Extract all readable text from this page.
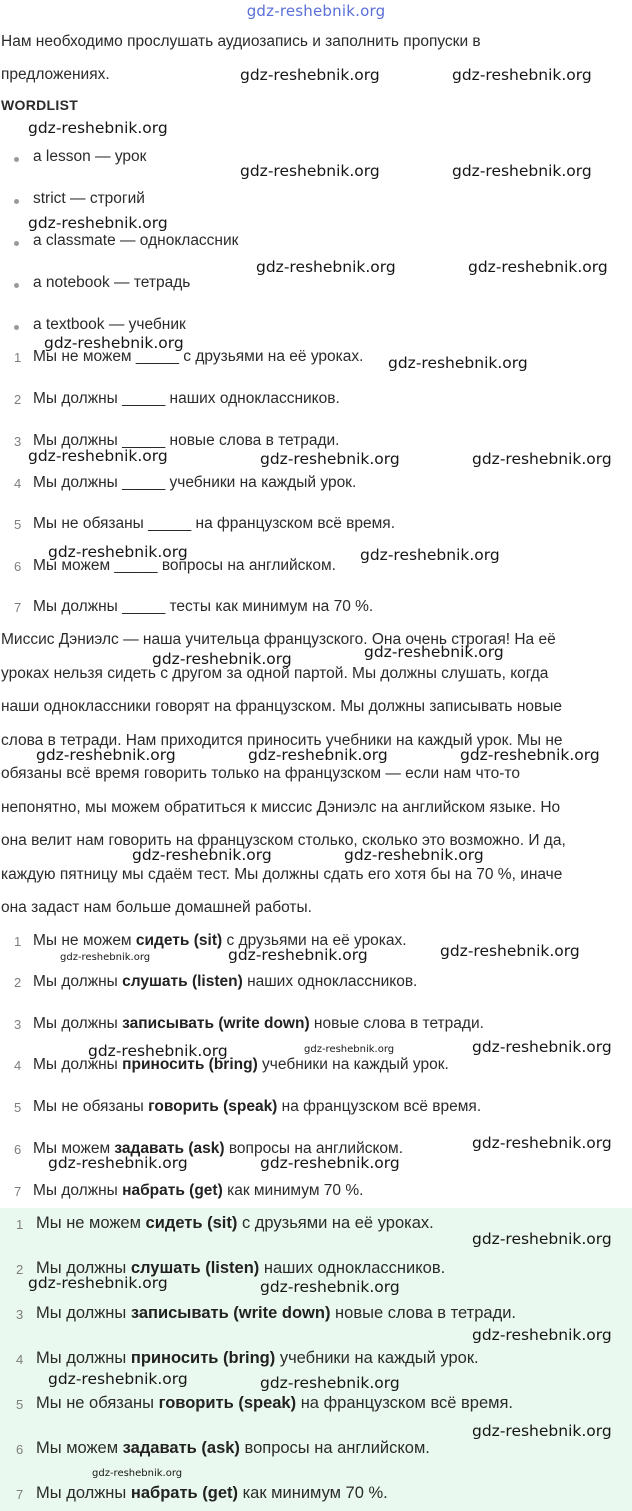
gdz-reshebnik.org
Нам необходимо прослушать аудиозапись и заполнить пропуски в
предложениях.
WORDLIST
a lesson — урок
strict — строгий
a classmate — одноклассник
a notebook — тетрадь
a textbook — учебник
1 Мы не можем _____ с друзьями на её уроках.
2 Мы должны _____ наших одноклассников.
3 Мы должны _____ новые слова в тетради.
4 Мы должны _____ учебники на каждый урок.
5 Мы не обязаны _____ на французском всё время.
6 Мы можем _____ вопросы на английском.
7 Мы должны _____ тесты как минимум на 70 %.
Миссис Дэниэлс — наша учительца французского. Она очень строгая! На её
уроках нельзя сидеть с другом за одной партой. Мы должны слушать, когда
наши одноклассники говорят на французском. Мы должны записывать новые
слова в тетради. Нам приходится приносить учебники на каждый урок. Мы не
обязаны всё время говорить только на французском — если нам что-то
непонятно, мы можем обратиться к миссис Дэниэлс на английском языке. Но
она велит нам говорить на французском столько, сколько это возможно. И да,
каждую пятницу мы сдаём тест. Мы должны сдать его хотя бы на 70 %, иначе
она задаст нам больше домашней работы.
1 Мы не можем сидеть (sit) с друзьями на её уроках.
2 Мы должны слушать (listen) наших одноклассников.
3 Мы должны записывать (write down) новые слова в тетради.
4 Мы должны приносить (bring) учебники на каждый урок.
5 Мы не обязаны говорить (speak) на французском всё время.
6 Мы можем задавать (ask) вопросы на английском.
7 Мы должны набрать (get) как минимум 70 %.
1 Мы не можем сидеть (sit) с друзьями на её уроках.
2 Мы должны слушать (listen) наших одноклассников.
3 Мы должны записывать (write down) новые слова в тетради.
4 Мы должны приносить (bring) учебники на каждый урок.
5 Мы не обязаны говорить (speak) на французском всё время.
6 Мы можем задавать (ask) вопросы на английском.
7 Мы должны набрать (get) как минимум 70 %.
gdz-reshebnik.org	gdz-reshebnik.org
gdz-reshebnik.org
gdz-reshebnik.org	gdz-reshebnik.org
gdz-reshebnik.org
gdz-reshebnik.org	gdz-reshebnik.org
gdz-reshebnik.org
gdz-reshebnik.org
gdz-reshebnik.org	gdz-reshebnik.org	gdz-reshebnik.org
gdz-reshebnik.org	gdz-reshebnik.org
gdz-reshebnik.org
gdz-reshebnik.org
gdz-reshebnik.org	gdz-reshebnik.org	gdz-reshebnik.org
gdz-reshebnik.org	gdz-reshebnik.org
gdz-reshebnik.org	gdz-reshebnik.org	gdz-reshebnik.org
gdz-reshebnik.org	gdz-reshebnik.org	gdz-reshebnik.org
gdz-reshebnik.org
gdz-reshebnik.org	gdz-reshebnik.org
gdz-reshebnik.org
gdz-reshebnik.org	gdz-reshebnik.org
gdz-reshebnik.org
gdz-reshebnik.org	gdz-reshebnik.org
gdz-reshebnik.org
gdz-reshebnik.org
